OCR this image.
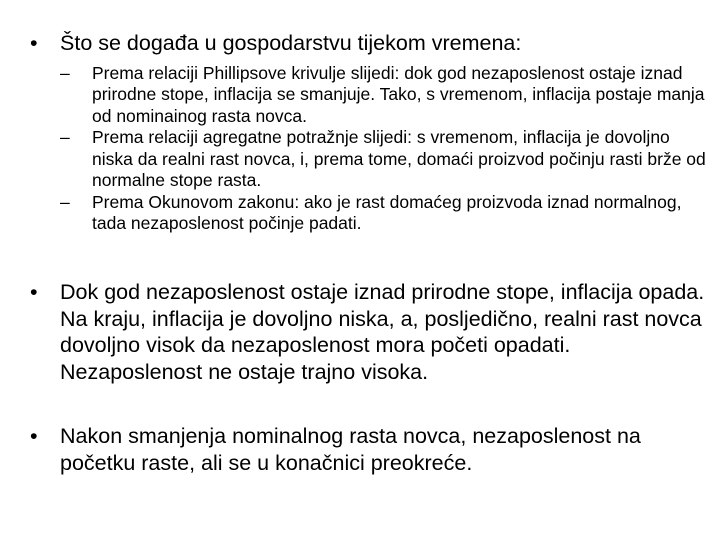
•	Što se događa u gospodarstvu tijekom vremena:
–	Prema relaciji Phillipsove krivulje slijedi: dok god nezaposlenost ostaje iznad prirodne stope, inflacija se smanjuje. Tako, s vremenom, inflacija postaje manja od nominainog rasta novca.
–	Prema relaciji agregatne potražnje slijedi: s vremenom, inflacija je dovoljno niska da realni rast novca, i, prema tome, domaći proizvod počinju rasti brže od normalne stope rasta.
–	Prema Okunovom zakonu: ako je rast domaćeg proizvoda iznad normalnog, tada nezaposlenost počinje padati.
•	Dok god nezaposlenost ostaje iznad prirodne stope, inflacija opada. Na kraju, inflacija je dovoljno niska, a, posljedično, realni rast novca dovoljno visok da nezaposlenost mora početi opadati. Nezaposlenost ne ostaje trajno visoka.
•	Nakon smanjenja nominalnog rasta novca, nezaposlenost na početku raste, ali se u konačnici preokreće.
